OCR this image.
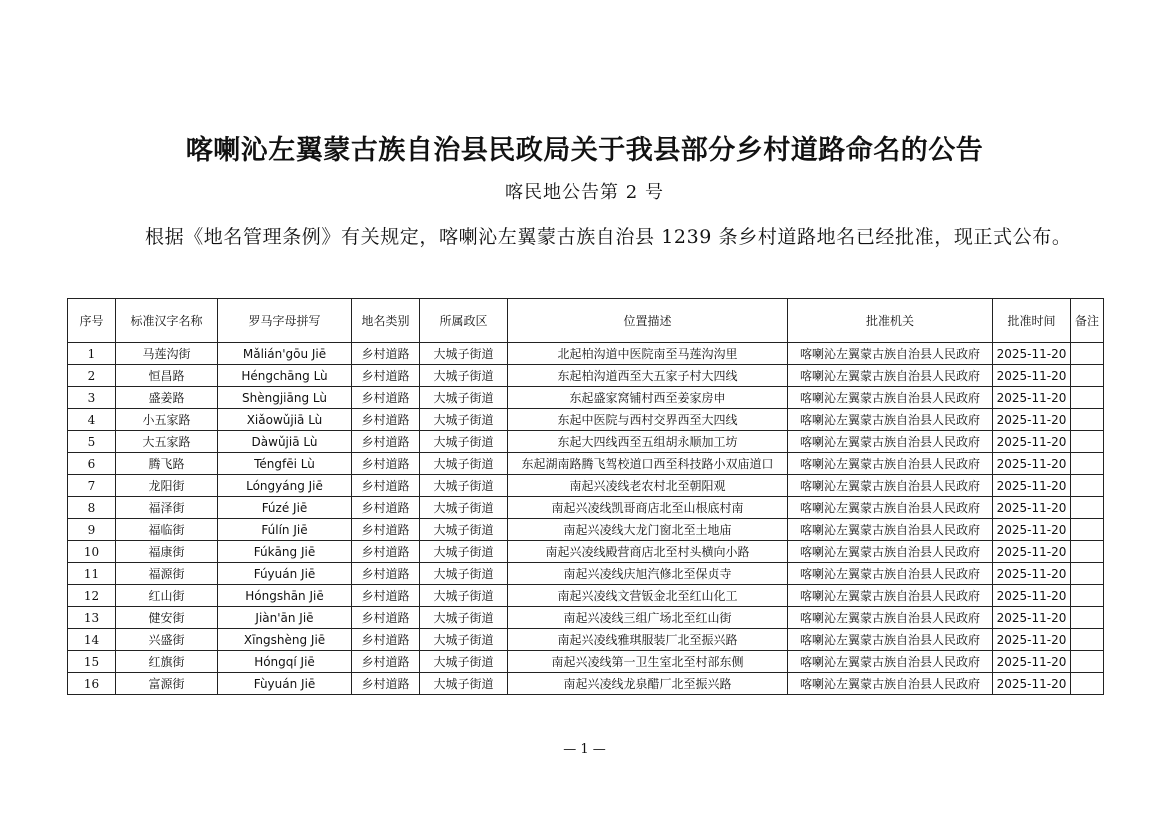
喀喇沁左翼蒙古族自治县民政局关于我县部分乡村道路命名的公告
喀民地公告第 2 号

根据《地名管理条例》有关规定，喀喇沁左翼蒙古族自治县 1239 条乡村道路地名已经批准，现正式公布。

序号	标准汉字名称	罗马字母拼写	地名类别	所属政区	位置描述	批准机关	批准时间	备注
1	马莲沟街	Mǎlián'gōu Jiē	乡村道路	大城子街道	北起柏沟道中医院南至马莲沟沟里	喀喇沁左翼蒙古族自治县人民政府	2025-11-20	
2	恒昌路	Héngchāng Lù	乡村道路	大城子街道	东起柏沟道西至大五家子村大四线	喀喇沁左翼蒙古族自治县人民政府	2025-11-20	
3	盛姜路	Shèngjiāng Lù	乡村道路	大城子街道	东起盛家窝铺村西至姜家房申	喀喇沁左翼蒙古族自治县人民政府	2025-11-20	
4	小五家路	Xiǎowǔjiā Lù	乡村道路	大城子街道	东起中医院与西村交界西至大四线	喀喇沁左翼蒙古族自治县人民政府	2025-11-20	
5	大五家路	Dàwǔjiā Lù	乡村道路	大城子街道	东起大四线西至五组胡永顺加工坊	喀喇沁左翼蒙古族自治县人民政府	2025-11-20	
6	腾飞路	Téngfēi Lù	乡村道路	大城子街道	东起湖南路腾飞驾校道口西至科技路小双庙道口	喀喇沁左翼蒙古族自治县人民政府	2025-11-20	
7	龙阳街	Lóngyáng Jiē	乡村道路	大城子街道	南起兴凌线老农村北至朝阳观	喀喇沁左翼蒙古族自治县人民政府	2025-11-20	
8	福泽街	Fúzé Jiē	乡村道路	大城子街道	南起兴凌线凯哥商店北至山根底村南	喀喇沁左翼蒙古族自治县人民政府	2025-11-20	
9	福临街	Fúlín Jiē	乡村道路	大城子街道	南起兴凌线大龙门窗北至土地庙	喀喇沁左翼蒙古族自治县人民政府	2025-11-20	
10	福康街	Fúkāng Jiē	乡村道路	大城子街道	南起兴凌线殿营商店北至村头横向小路	喀喇沁左翼蒙古族自治县人民政府	2025-11-20	
11	福源街	Fúyuán Jiē	乡村道路	大城子街道	南起兴凌线庆旭汽修北至保贞寺	喀喇沁左翼蒙古族自治县人民政府	2025-11-20	
12	红山街	Hóngshān Jiē	乡村道路	大城子街道	南起兴凌线文营钣金北至红山化工	喀喇沁左翼蒙古族自治县人民政府	2025-11-20	
13	健安街	Jiàn'ān Jiē	乡村道路	大城子街道	南起兴凌线三组广场北至红山街	喀喇沁左翼蒙古族自治县人民政府	2025-11-20	
14	兴盛街	Xīngshèng Jiē	乡村道路	大城子街道	南起兴凌线雅琪服装厂北至振兴路	喀喇沁左翼蒙古族自治县人民政府	2025-11-20	
15	红旗街	Hóngqí Jiē	乡村道路	大城子街道	南起兴凌线第一卫生室北至村部东侧	喀喇沁左翼蒙古族自治县人民政府	2025-11-20	
16	富源街	Fùyuán Jiē	乡村道路	大城子街道	南起兴凌线龙泉醋厂北至振兴路	喀喇沁左翼蒙古族自治县人民政府	2025-11-20	
— 1 —
